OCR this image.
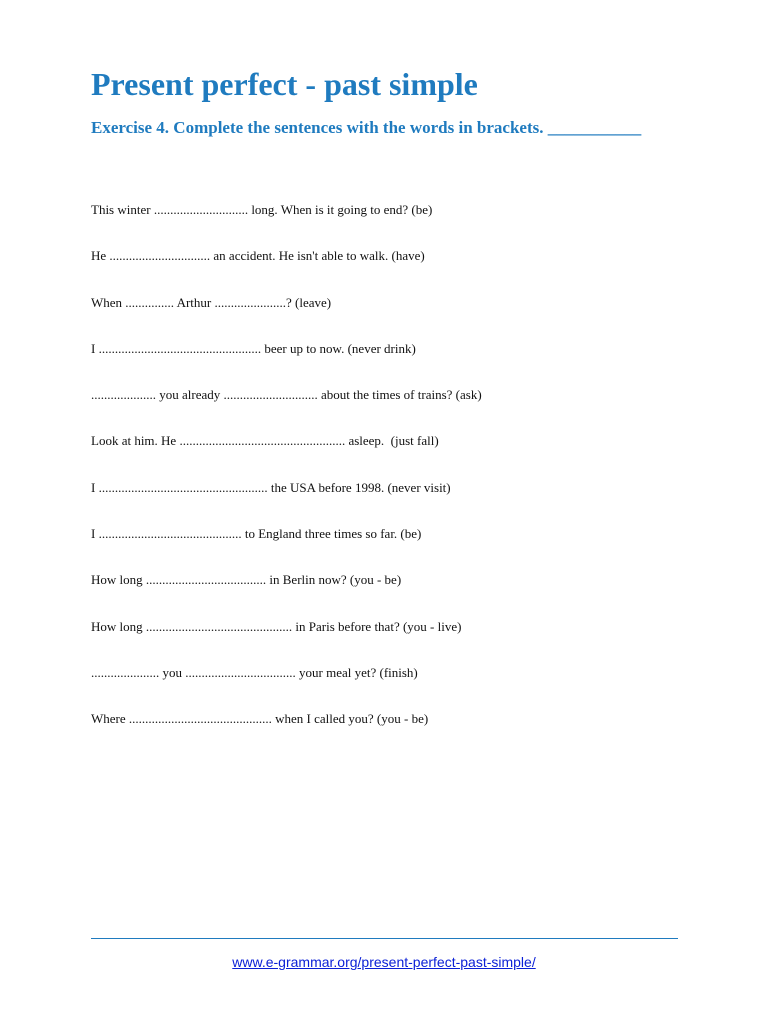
Present perfect - past simple
Exercise 4. Complete the sentences with the words in brackets. ___________
This winter ............................. long. When is it going to end? (be)
He ............................... an accident. He isn't able to walk. (have)
When ............... Arthur ......................? (leave)
I .................................................. beer up to now. (never drink)
.................... you already ............................. about the times of trains? (ask)
Look at him. He ................................................... asleep.  (just fall)
I .................................................... the USA before 1998. (never visit)
I ............................................ to England three times so far. (be)
How long ..................................... in Berlin now? (you - be)
How long ............................................. in Paris before that? (you - live)
..................... you .................................. your meal yet? (finish)
Where ............................................ when I called you? (you - be)
www.e-grammar.org/present-perfect-past-simple/
